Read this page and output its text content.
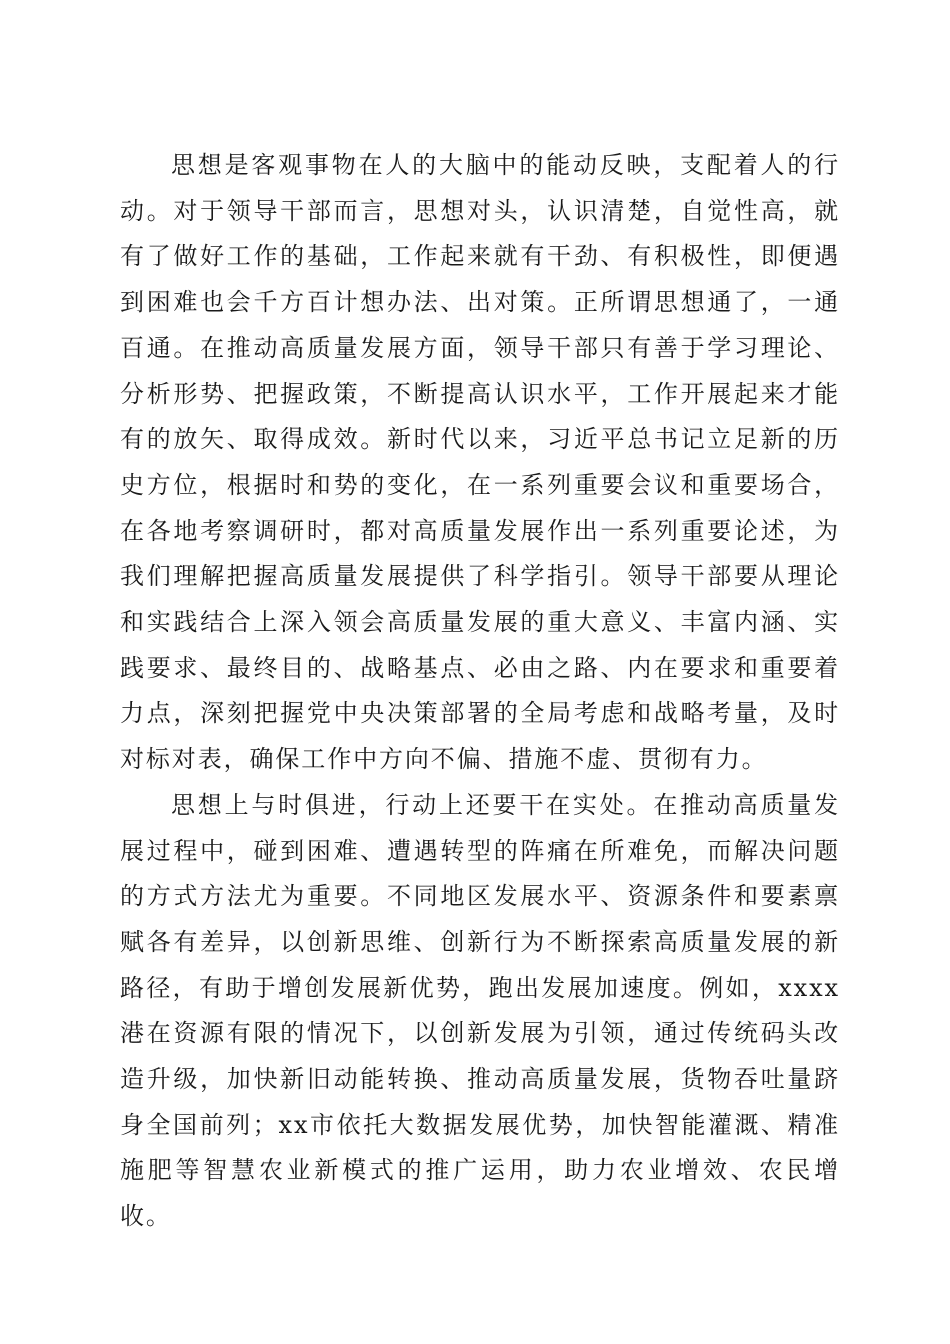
思想是客观事物在人的大脑中的能动反映，支配着人的行动。对于领导干部而言，思想对头，认识清楚，自觉性高，就有了做好工作的基础，工作起来就有干劲、有积极性，即便遇到困难也会千方百计想办法、出对策。正所谓思想通了，一通百通。在推动高质量发展方面，领导干部只有善于学习理论、分析形势、把握政策，不断提高认识水平，工作开展起来才能有的放矢、取得成效。新时代以来，习近平总书记立足新的历史方位，根据时和势的变化，在一系列重要会议和重要场合，在各地考察调研时，都对高质量发展作出一系列重要论述，为我们理解把握高质量发展提供了科学指引。领导干部要从理论和实践结合上深入领会高质量发展的重大意义、丰富内涵、实践要求、最终目的、战略基点、必由之路、内在要求和重要着力点，深刻把握党中央决策部署的全局考虑和战略考量，及时对标对表，确保工作中方向不偏、措施不虚、贯彻有力。

思想上与时俱进，行动上还要干在实处。在推动高质量发展过程中，碰到困难、遭遇转型的阵痛在所难免，而解决问题的方式方法尤为重要。不同地区发展水平、资源条件和要素禀赋各有差异，以创新思维、创新行为不断探索高质量发展的新路径，有助于增创发展新优势，跑出发展加速度。例如，xxxx港在资源有限的情况下，以创新发展为引领，通过传统码头改造升级，加快新旧动能转换、推动高质量发展，货物吞吐量跻身全国前列；xx市依托大数据发展优势，加快智能灌溉、精准施肥等智慧农业新模式的推广运用，助力农业增效、农民增收。
